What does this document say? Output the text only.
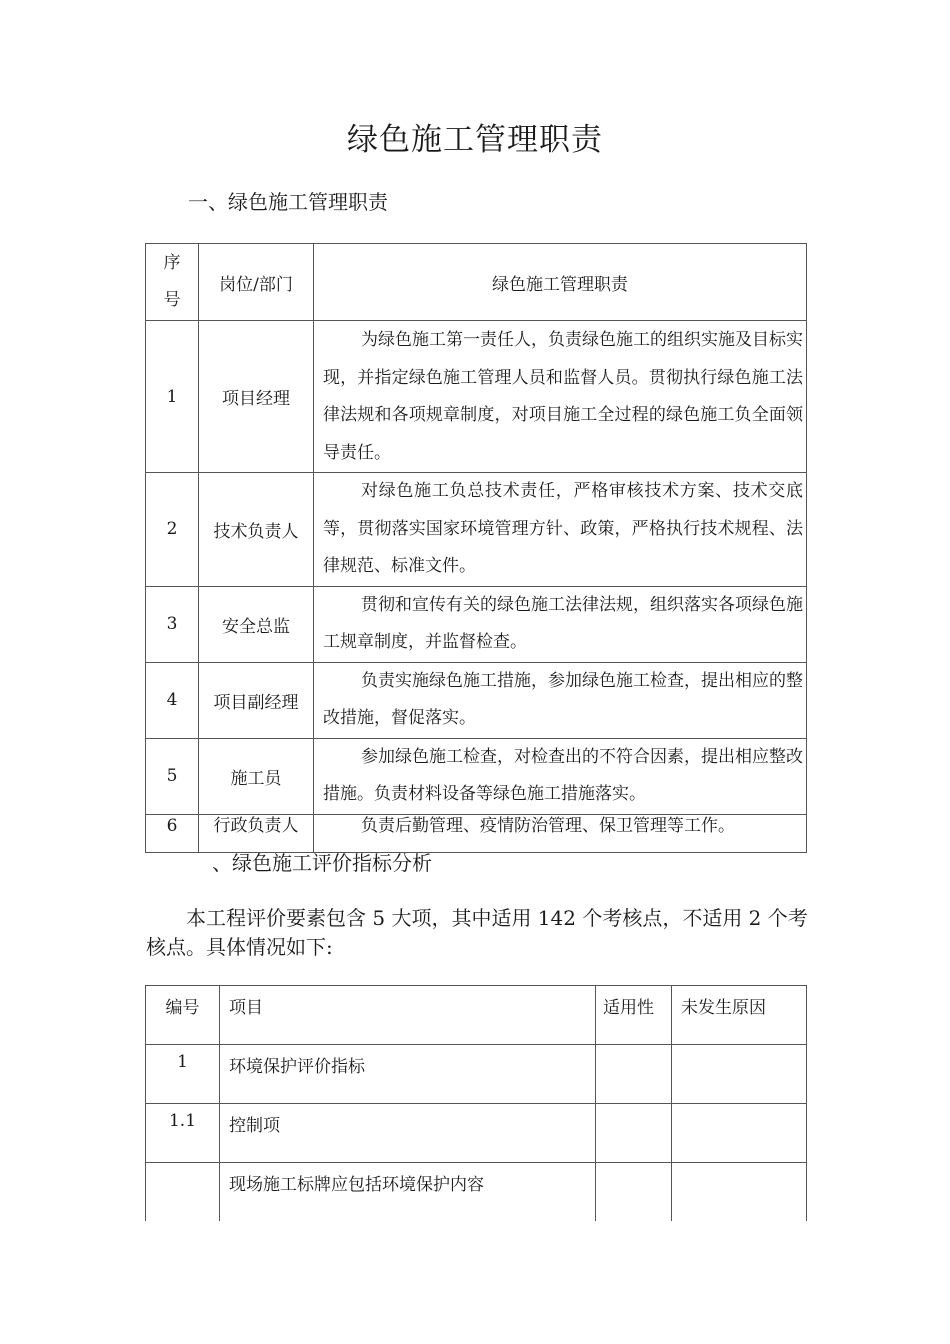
绿色施工管理职责
一、绿色施工管理职责
序
号	岗位/部门	绿色施工管理职责
1	项目经理	为绿色施工第一责任人，负责绿色施工的组织实施及目标实现，并指定绿色施工管理人员和监督人员。贯彻执行绿色施工法律法规和各项规章制度，对项目施工全过程的绿色施工负全面领导责任。
2	技术负责人	对绿色施工负总技术责任，严格审核技术方案、技术交底等，贯彻落实国家环境管理方针、政策，严格执行技术规程、法律规范、标准文件。
3	安全总监	贯彻和宣传有关的绿色施工法律法规，组织落实各项绿色施工规章制度，并监督检查。
4	项目副经理	负责实施绿色施工措施，参加绿色施工检查，提出相应的整改措施，督促落实。
5	施工员	参加绿色施工检查，对检查出的不符合因素，提出相应整改措施。负责材料设备等绿色施工措施落实。
6	行政负责人	负责后勤管理、疫情防治管理、保卫管理等工作。
、绿色施工评价指标分析
本工程评价要素包含 5 大项，其中适用 142 个考核点，不适用 2 个考核点。具体情况如下:
编号	项目	适用性	未发生原因
1	环境保护评价指标		
1.1	控制项		
	现场施工标牌应包括环境保护内容		
